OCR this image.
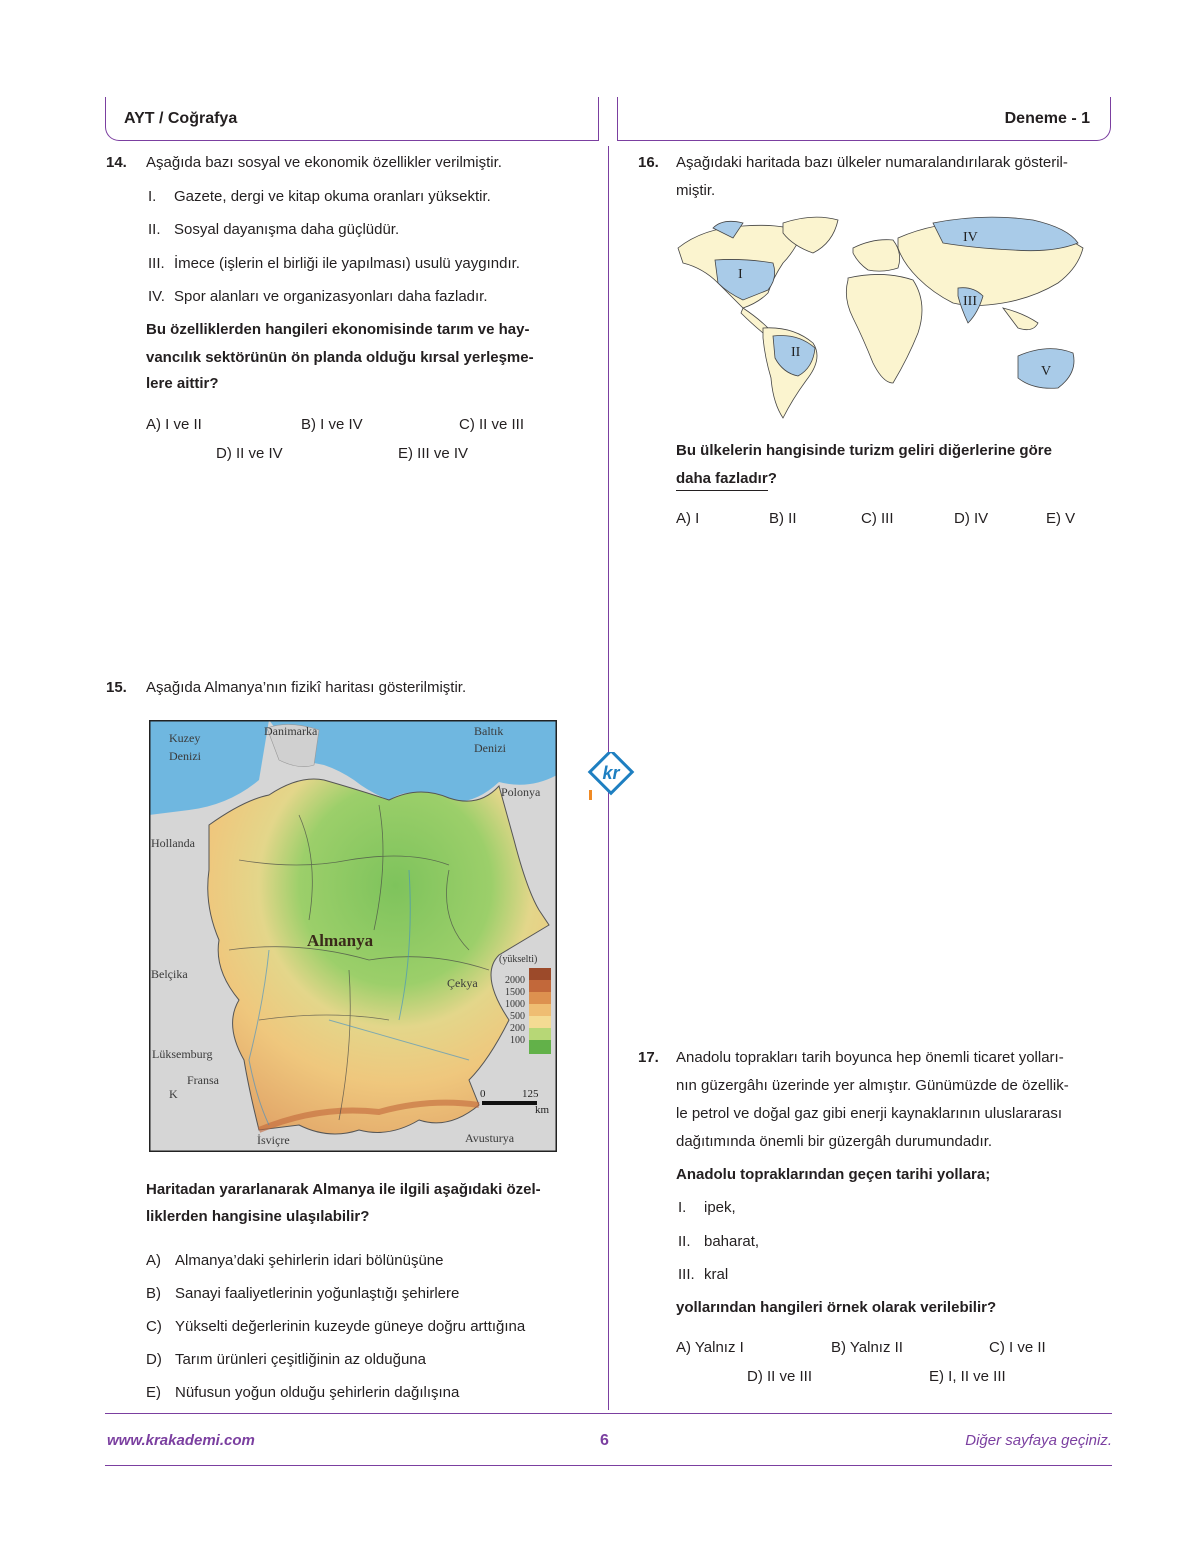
AYT / Coğrafya	Deneme - 1
kr
14. Aşağıda bazı sosyal ve ekonomik özellikler verilmiştir.
I. Gazete, dergi ve kitap okuma oranları yüksektir.
II. Sosyal dayanışma daha güçlüdür.
III. İmece (işlerin el birliği ile yapılması) usulü yaygındır.
IV. Spor alanları ve organizasyonları daha fazladır.
Bu özelliklerden hangileri ekonomisinde tarım ve hay-
vancılık sektörünün ön planda olduğu kırsal yerleşme-
lere aittir?
A) I ve II	B) I ve IV	C) II ve III
D) II ve IV	E) III ve IV
15. Aşağıda Almanya’nın fizikî haritası gösterilmiştir.
Kuzey
Denizi
Danimarka	Baltık
Denizi
Polonya
Hollanda
Almanya
Belçika
Çekya
Lüksemburg
Fransa
K
İsviçre	Avusturya
(yükselti)
2000
1500
1000
500
200
100
0	125
km
Haritadan yararlanarak Almanya ile ilgili aşağıdaki özel-
liklerden hangisine ulaşılabilir?
A) Almanya’daki şehirlerin idari bölünüşüne
B) Sanayi faaliyetlerinin yoğunlaştığı şehirlere
C) Yükselti değerlerinin kuzeyde güneye doğru arttığına
D) Tarım ürünleri çeşitliğinin az olduğuna
E) Nüfusun yoğun olduğu şehirlerin dağılışına
16. Aşağıdaki haritada bazı ülkeler numaralandırılarak gösteril-
miştir.
I
II
III
IV
V
Bu ülkelerin hangisinde turizm geliri diğerlerine göre
daha fazladır?
A) I	B) II	C) III	D) IV	E) V
17. Anadolu toprakları tarih boyunca hep önemli ticaret yolları-
nın güzergâhı üzerinde yer almıştır. Günümüzde de özellik-
le petrol ve doğal gaz gibi enerji kaynaklarının uluslararası
dağıtımında önemli bir güzergâh durumundadır.
Anadolu topraklarından geçen tarihi yollara;
I. ipek,
II. baharat,
III. kral
yollarından hangileri örnek olarak verilebilir?
A) Yalnız I	B) Yalnız II	C) I ve II
D) II ve III	E) I, II ve III
www.krakademi.com	6	Diğer sayfaya geçiniz.
